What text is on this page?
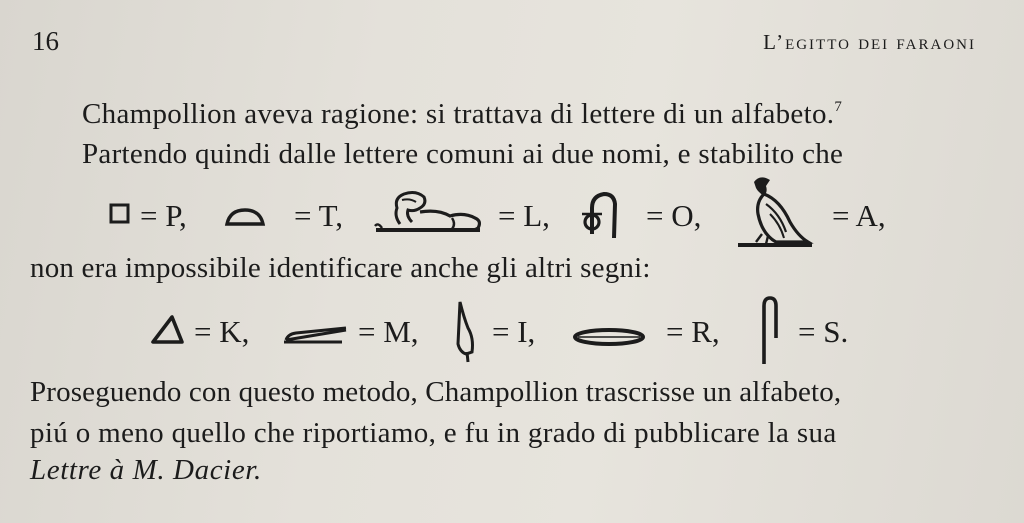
16	L’egitto dei faraoni
Champollion aveva ragione: si trattava di lettere di un alfabeto.$^7$
Partendo quindi dalle lettere comuni ai due nomi, e stabilito che
= P,	= T,	= L,	= O,	= A,
non era impossibile identificare anche gli altri segni:
= K,	= M, = I,	= R,	= S.
Proseguendo con questo metodo, Champollion trascrisse un alfabeto,
piú o meno quello che riportiamo, e fu in grado di pubblicare la sua
Lettre à M. Dacier.
